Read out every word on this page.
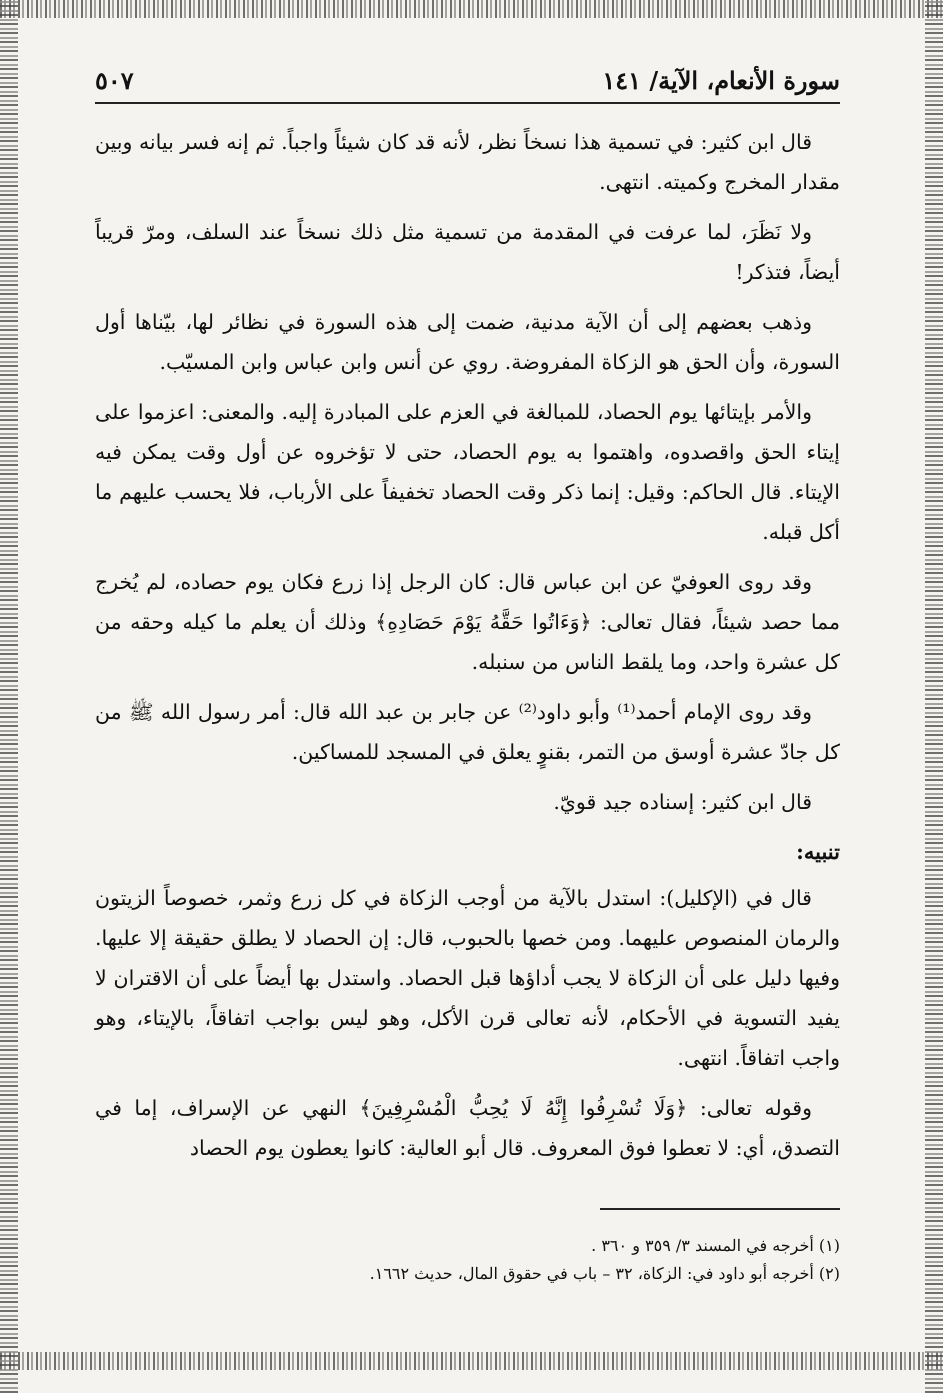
سورة الأنعام، الآية/ ١٤١
٥٠٧

قال ابن كثير: في تسمية هذا نسخاً نظر، لأنه قد كان شيئاً واجباً. ثم إنه فسر بيانه وبين مقدار المخرج وكميته. انتهى.

ولا نَظَرَ، لما عرفت في المقدمة من تسمية مثل ذلك نسخاً عند السلف، ومرّ قريباً أيضاً، فتذكر!

وذهب بعضهم إلى أن الآية مدنية، ضمت إلى هذه السورة في نظائر لها، بيّناها أول السورة، وأن الحق هو الزكاة المفروضة. روي عن أنس وابن عباس وابن المسيّب.

والأمر بإيتائها يوم الحصاد، للمبالغة في العزم على المبادرة إليه. والمعنى: اعزموا على إيتاء الحق واقصدوه، واهتموا به يوم الحصاد، حتى لا تؤخروه عن أول وقت يمكن فيه الإيتاء. قال الحاكم: وقيل: إنما ذكر وقت الحصاد تخفيفاً على الأرباب، فلا يحسب عليهم ما أكل قبله.

وقد روى العوفيّ عن ابن عباس قال: كان الرجل إذا زرع فكان يوم حصاده، لم يُخرج مما حصد شيئاً، فقال تعالى: ﴿وَءَاتُوا حَقَّهُ يَوْمَ حَصَادِهِ﴾ وذلك أن يعلم ما كيله وحقه من كل عشرة واحد، وما يلقط الناس من سنبله.

وقد روى الإمام أحمد⁽¹⁾ وأبو داود⁽²⁾ عن جابر بن عبد الله قال: أمر رسول الله ﷺ من كل جادّ عشرة أوسق من التمر، بقنوٍ يعلق في المسجد للمساكين.

قال ابن كثير: إسناده جيد قويّ.

تنبيه:

قال في (الإكليل): استدل بالآية من أوجب الزكاة في كل زرع وثمر، خصوصاً الزيتون والرمان المنصوص عليهما. ومن خصها بالحبوب، قال: إن الحصاد لا يطلق حقيقة إلا عليها. وفيها دليل على أن الزكاة لا يجب أداؤها قبل الحصاد. واستدل بها أيضاً على أن الاقتران لا يفيد التسوية في الأحكام، لأنه تعالى قرن الأكل، وهو ليس بواجب اتفاقاً، بالإيتاء، وهو واجب اتفاقاً. انتهى.

وقوله تعالى: ﴿وَلَا تُسْرِفُوا إِنَّهُ لَا يُحِبُّ الْمُسْرِفِينَ﴾ النهي عن الإسراف، إما في التصدق، أي: لا تعطوا فوق المعروف. قال أبو العالية: كانوا يعطون يوم الحصاد

(١) أخرجه في المسند ٣/ ٣٥٩ و ٣٦٠ .
(٢) أخرجه أبو داود في: الزكاة، ٣٢ – باب في حقوق المال، حديث ١٦٦٢.
